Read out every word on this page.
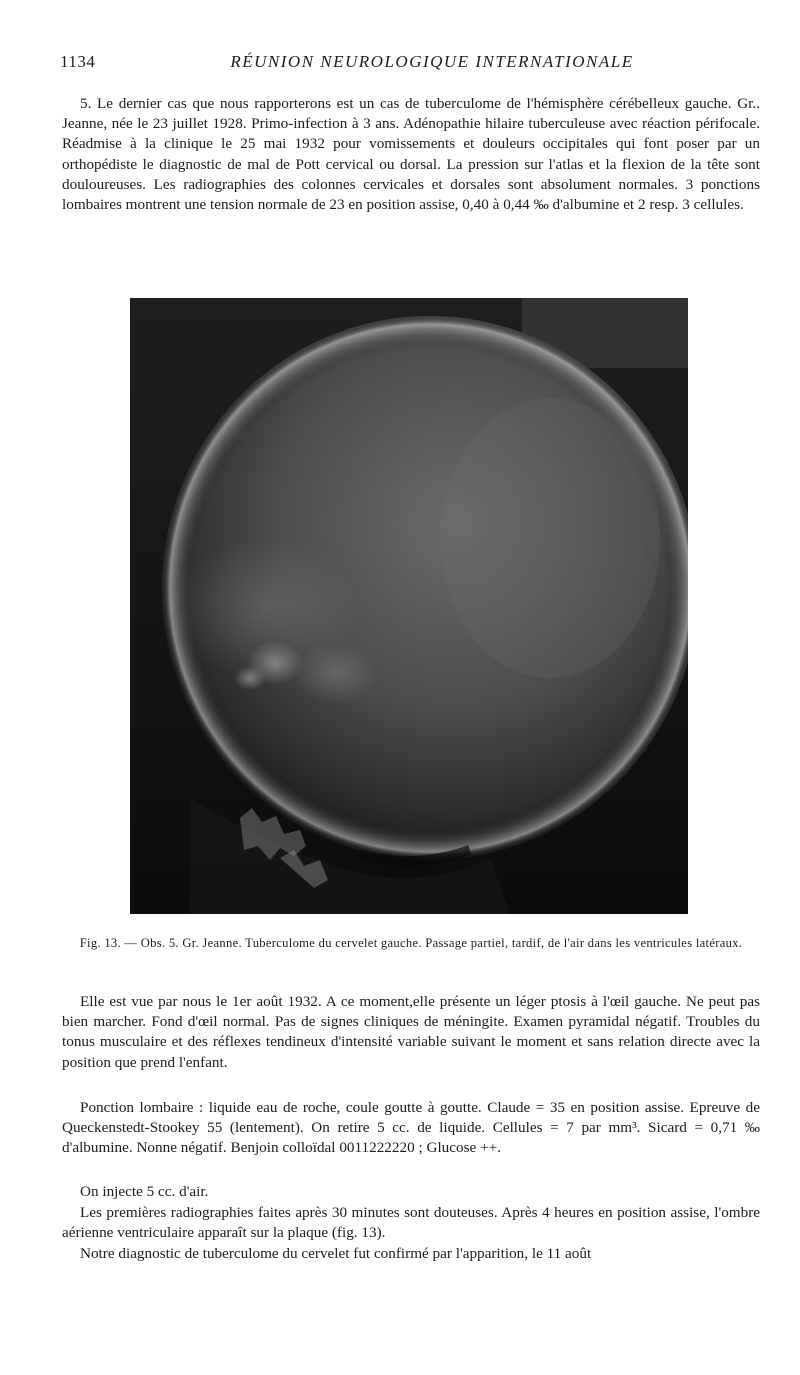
1134	RÉUNION NEUROLOGIQUE INTERNATIONALE

5. Le dernier cas que nous rapporterons est un cas de tuberculome de l'hémisphère cérébelleux gauche. Gr.. Jeanne, née le 23 juillet 1928. Primo-infection à 3 ans. Adénopathie hilaire tuberculeuse avec réaction périfocale. Réadmise à la clinique le 25 mai 1932 pour vomissements et douleurs occipitales qui font poser par un orthopédiste le diagnostic de mal de Pott cervical ou dorsal. La pression sur l'atlas et la flexion de la tête sont douloureuses. Les radiographies des colonnes cervicales et dorsales sont absolument normales. 3 ponctions lombaires montrent une tension normale de 23 en position assise, 0,40 à 0,44 ‰ d'albumine et 2 resp. 3 cellules.

Fig. 13. — Obs. 5. Gr. Jeanne. Tuberculome du cervelet gauche. Passage partiel, tardif, de l'air dans les ventricules latéraux.

Elle est vue par nous le 1er août 1932. A ce moment,elle présente un léger ptosis à l'œil gauche. Ne peut pas bien marcher. Fond d'œil normal. Pas de signes cliniques de méningite. Examen pyramidal négatif. Troubles du tonus musculaire et des réflexes tendineux d'intensité variable suivant le moment et sans relation directe avec la position que prend l'enfant.

Ponction lombaire : liquide eau de roche, coule goutte à goutte. Claude = 35 en position assise. Epreuve de Queckenstedt-Stookey 55 (lentement). On retire 5 cc. de liquide. Cellules = 7 par mm³. Sicard = 0,71 ‰ d'albumine. Nonne négatif. Benjoin colloïdal 0011222220 ; Glucose ++.

On injecte 5 cc. d'air.

Les premières radiographies faites après 30 minutes sont douteuses. Après 4 heures en position assise, l'ombre aérienne ventriculaire apparaît sur la plaque (fig. 13).

Notre diagnostic de tuberculome du cervelet fut confirmé par l'apparition, le 11 août
